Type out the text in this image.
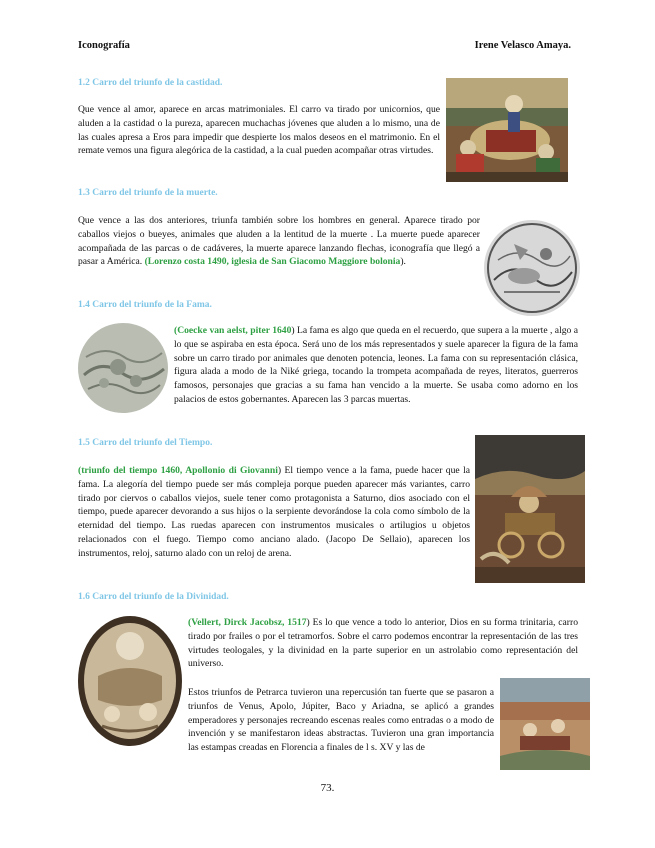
Iconografía	Irene Velasco Amaya.
1.2 Carro del triunfo de la castidad.
Que vence al amor, aparece en arcas matrimoniales. El carro va tirado por unicornios, que aluden a la castidad o la pureza, aparecen muchachas jóvenes que aluden a lo mismo, una de las cuales apresa a Eros para impedir que despierte los malos deseos en el matrimonio. En el remate vemos una figura alegórica de la castidad, a la cual pueden acompañar otras virtudes.
1.3 Carro del triunfo de la muerte.
Que vence a las dos anteriores, triunfa también sobre los hombres en general. Aparece tirado por caballos viejos o bueyes, animales que aluden a la lentitud de la muerte . La muerte puede aparecer acompañada de las parcas o de cadáveres, la muerte aparece lanzando flechas, iconografía que llegó a pasar a América. (Lorenzo costa 1490, iglesia de San Giacomo Maggiore bolonia).
1.4 Carro del triunfo de la Fama.
(Coecke van aelst, piter 1640) La fama es algo que queda en el recuerdo, que supera a la muerte , algo a lo que se aspiraba en esta época. Será uno de los más representados y suele aparecer la figura de la fama sobre un carro tirado por animales que denoten potencia, leones. La fama con su representación clásica, figura alada a modo de la Niké griega, tocando la trompeta acompañada de reyes, literatos, guerreros famosos, personajes que gracias a su fama han vencido a la muerte. Se usaba como adorno en los palacios de estos gobernantes. Aparecen las 3 parcas muertas.
1.5 Carro del triunfo del Tiempo.
(triunfo del tiempo 1460, Apollonio di Giovanni) El tiempo vence a la fama, puede hacer que la fama. La alegoría del tiempo puede ser más compleja porque pueden aparecer más variantes, carro tirado por ciervos o caballos viejos, suele tener como protagonista a Saturno, dios asociado con el tiempo, puede aparecer devorando a sus hijos o la serpiente devorándose la cola como símbolo de la eternidad del tiempo. Las ruedas aparecen con instrumentos musicales o artilugios u objetos relacionados con el fuego. Tiempo como anciano alado. (Jacopo De Sellaio), aparecen los instrumentos, reloj, saturno alado con un reloj de arena.
1.6 Carro del triunfo de la Divinidad.
(Vellert, Dirck Jacobsz, 1517) Es lo que vence a todo lo anterior, Dios en su forma trinitaria, carro tirado por frailes o por el tetramorfos. Sobre el carro podemos encontrar la representación de las tres virtudes teologales, y la divinidad en la parte superior en un astrolabio como representación del universo.
Estos triunfos de Petrarca tuvieron una repercusión tan fuerte que se pasaron a triunfos de Venus, Apolo, Júpiter, Baco y Ariadna, se aplicó a grandes emperadores y personajes recreando escenas reales como entradas o a modo de invención y se manifestaron ideas abstractas. Tuvieron una gran importancia las estampas creadas en Florencia a finales de l s. XV y las de
73.
